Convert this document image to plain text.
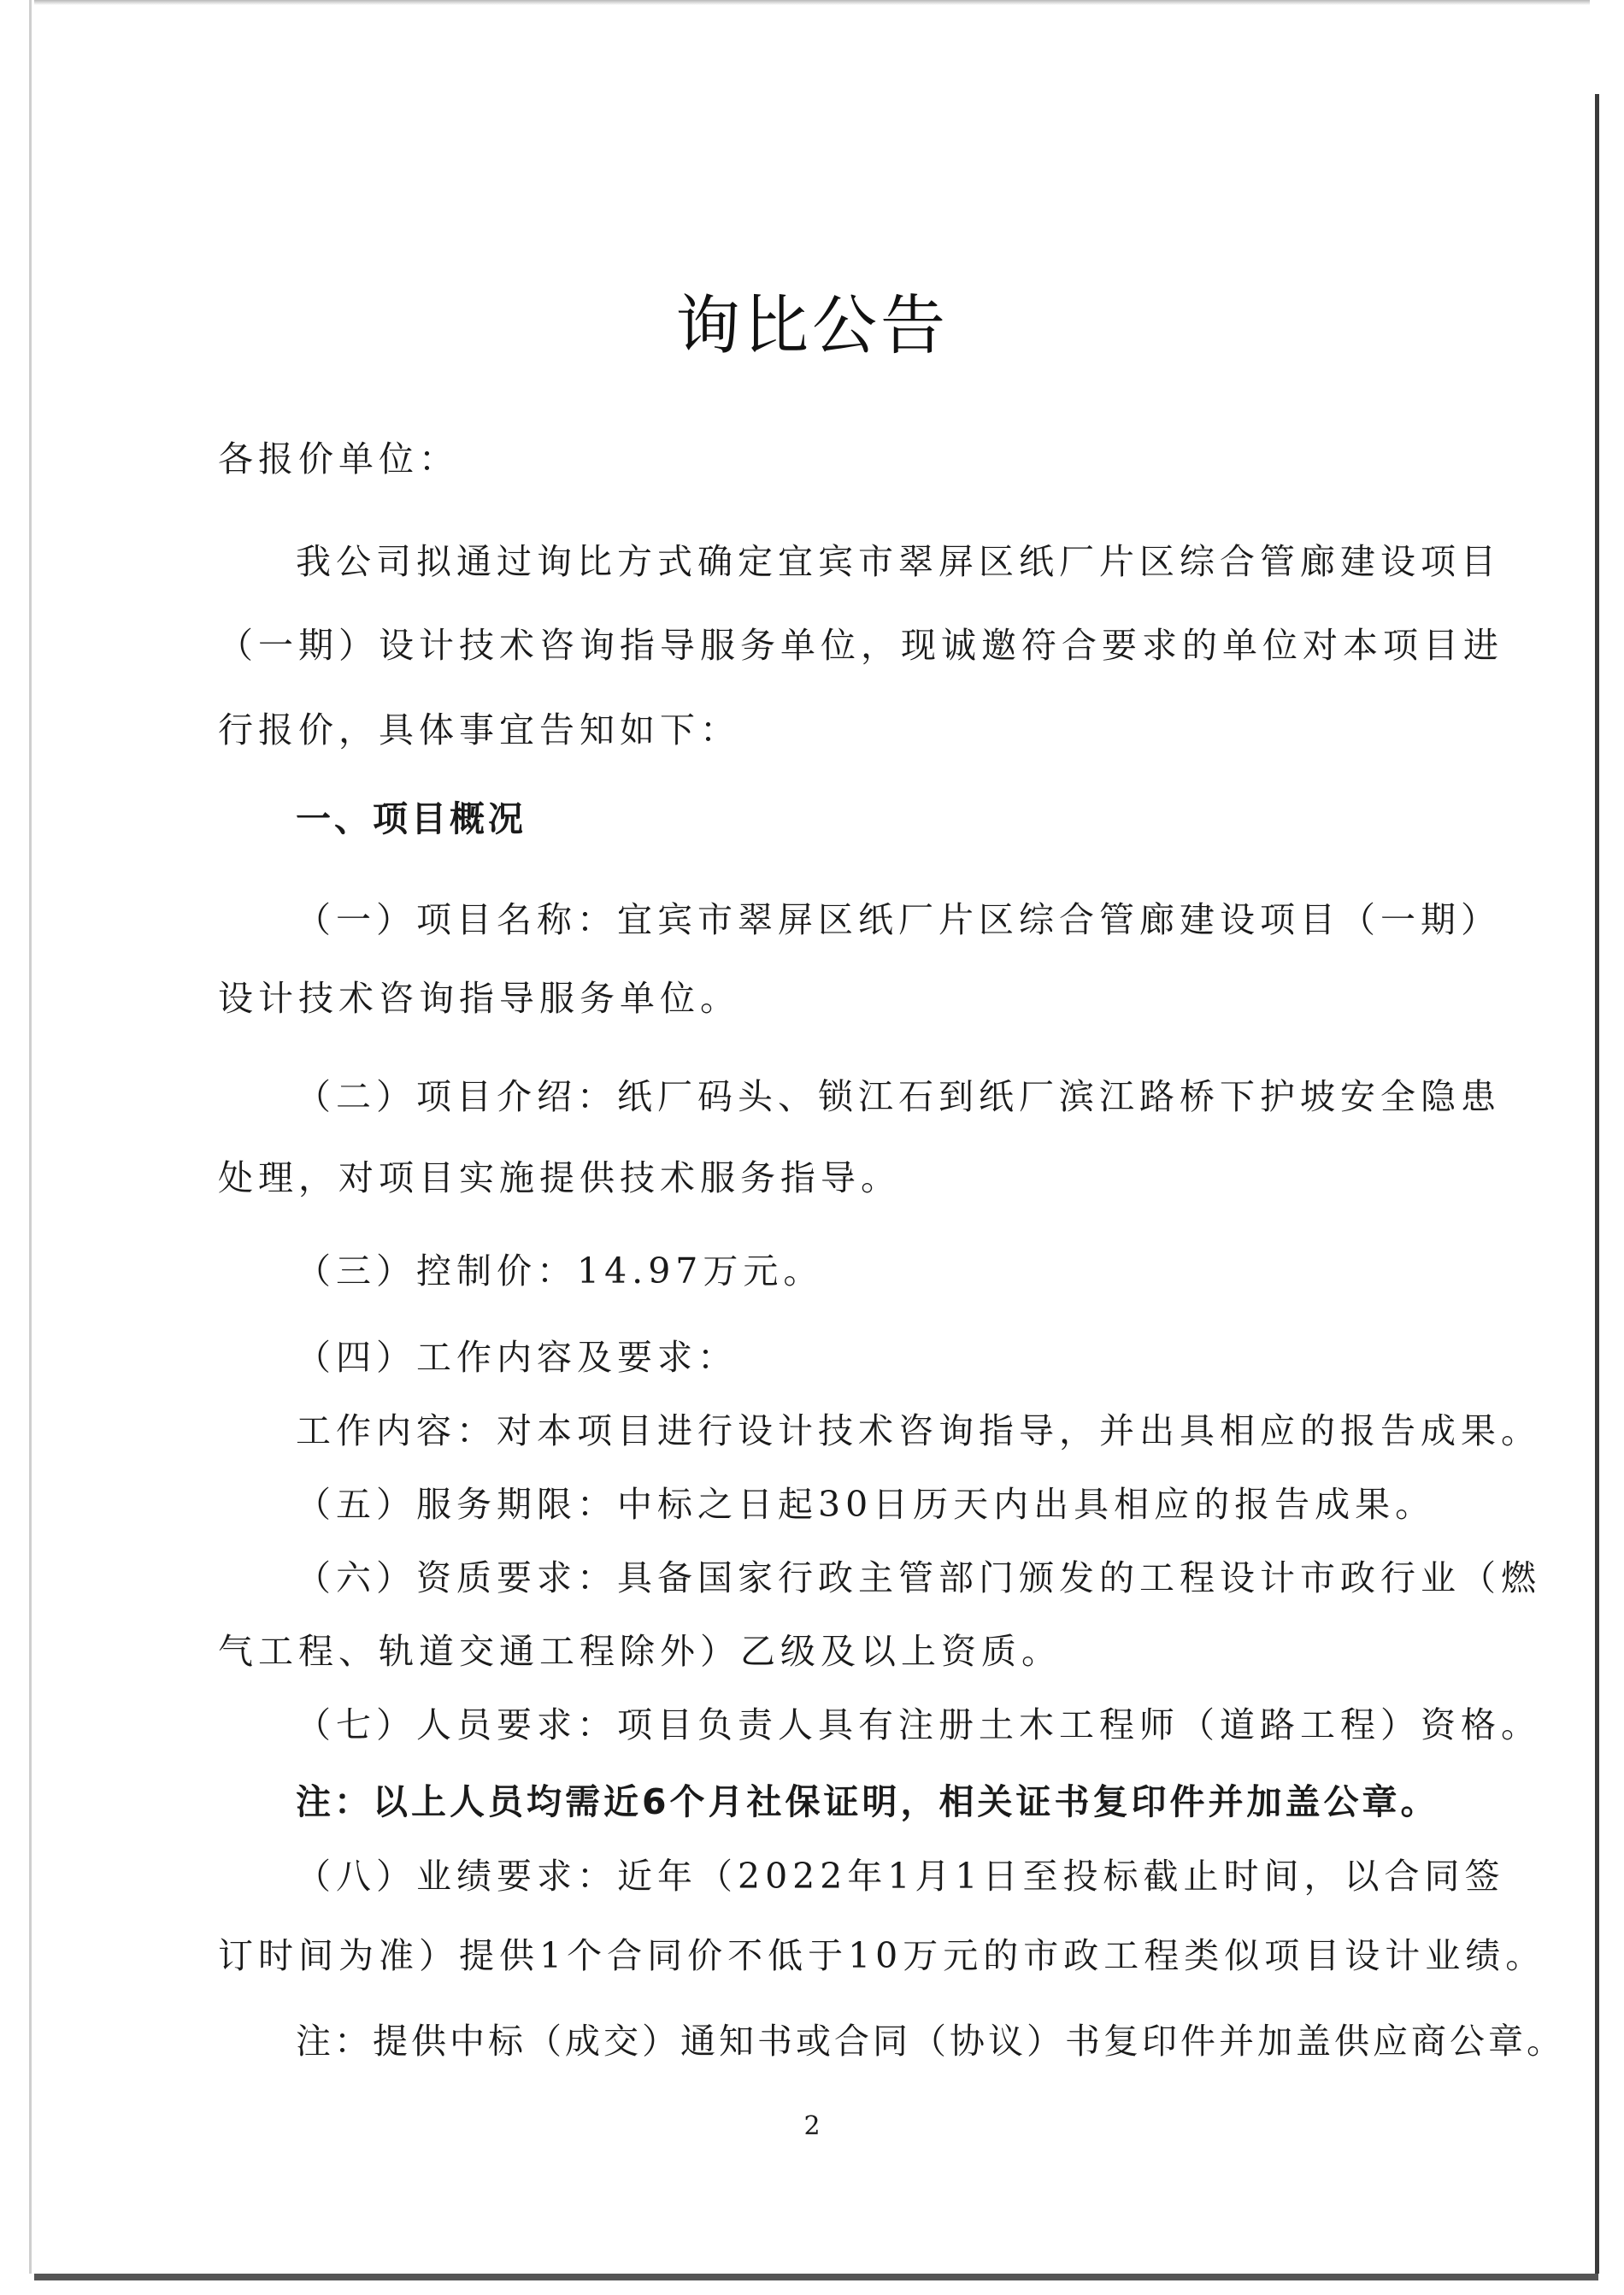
询比公告
各报价单位：
我公司拟通过询比方式确定宜宾市翠屏区纸厂片区综合管廊建设项目
（一期）设计技术咨询指导服务单位，现诚邀符合要求的单位对本项目进
行报价，具体事宜告知如下：
一、项目概况
（一）项目名称：宜宾市翠屏区纸厂片区综合管廊建设项目（一期）
设计技术咨询指导服务单位。
（二）项目介绍：纸厂码头、锁江石到纸厂滨江路桥下护坡安全隐患
处理，对项目实施提供技术服务指导。
（三）控制价：14.97万元。
（四）工作内容及要求：
工作内容：对本项目进行设计技术咨询指导，并出具相应的报告成果。
（五）服务期限：中标之日起30日历天内出具相应的报告成果。
（六）资质要求：具备国家行政主管部门颁发的工程设计市政行业（燃
气工程、轨道交通工程除外）乙级及以上资质。
（七）人员要求：项目负责人具有注册土木工程师（道路工程）资格。
注：以上人员均需近6个月社保证明，相关证书复印件并加盖公章。
（八）业绩要求：近年（2022年1月1日至投标截止时间，以合同签
订时间为准）提供1个合同价不低于10万元的市政工程类似项目设计业绩。
注：提供中标（成交）通知书或合同（协议）书复印件并加盖供应商公章。
2
